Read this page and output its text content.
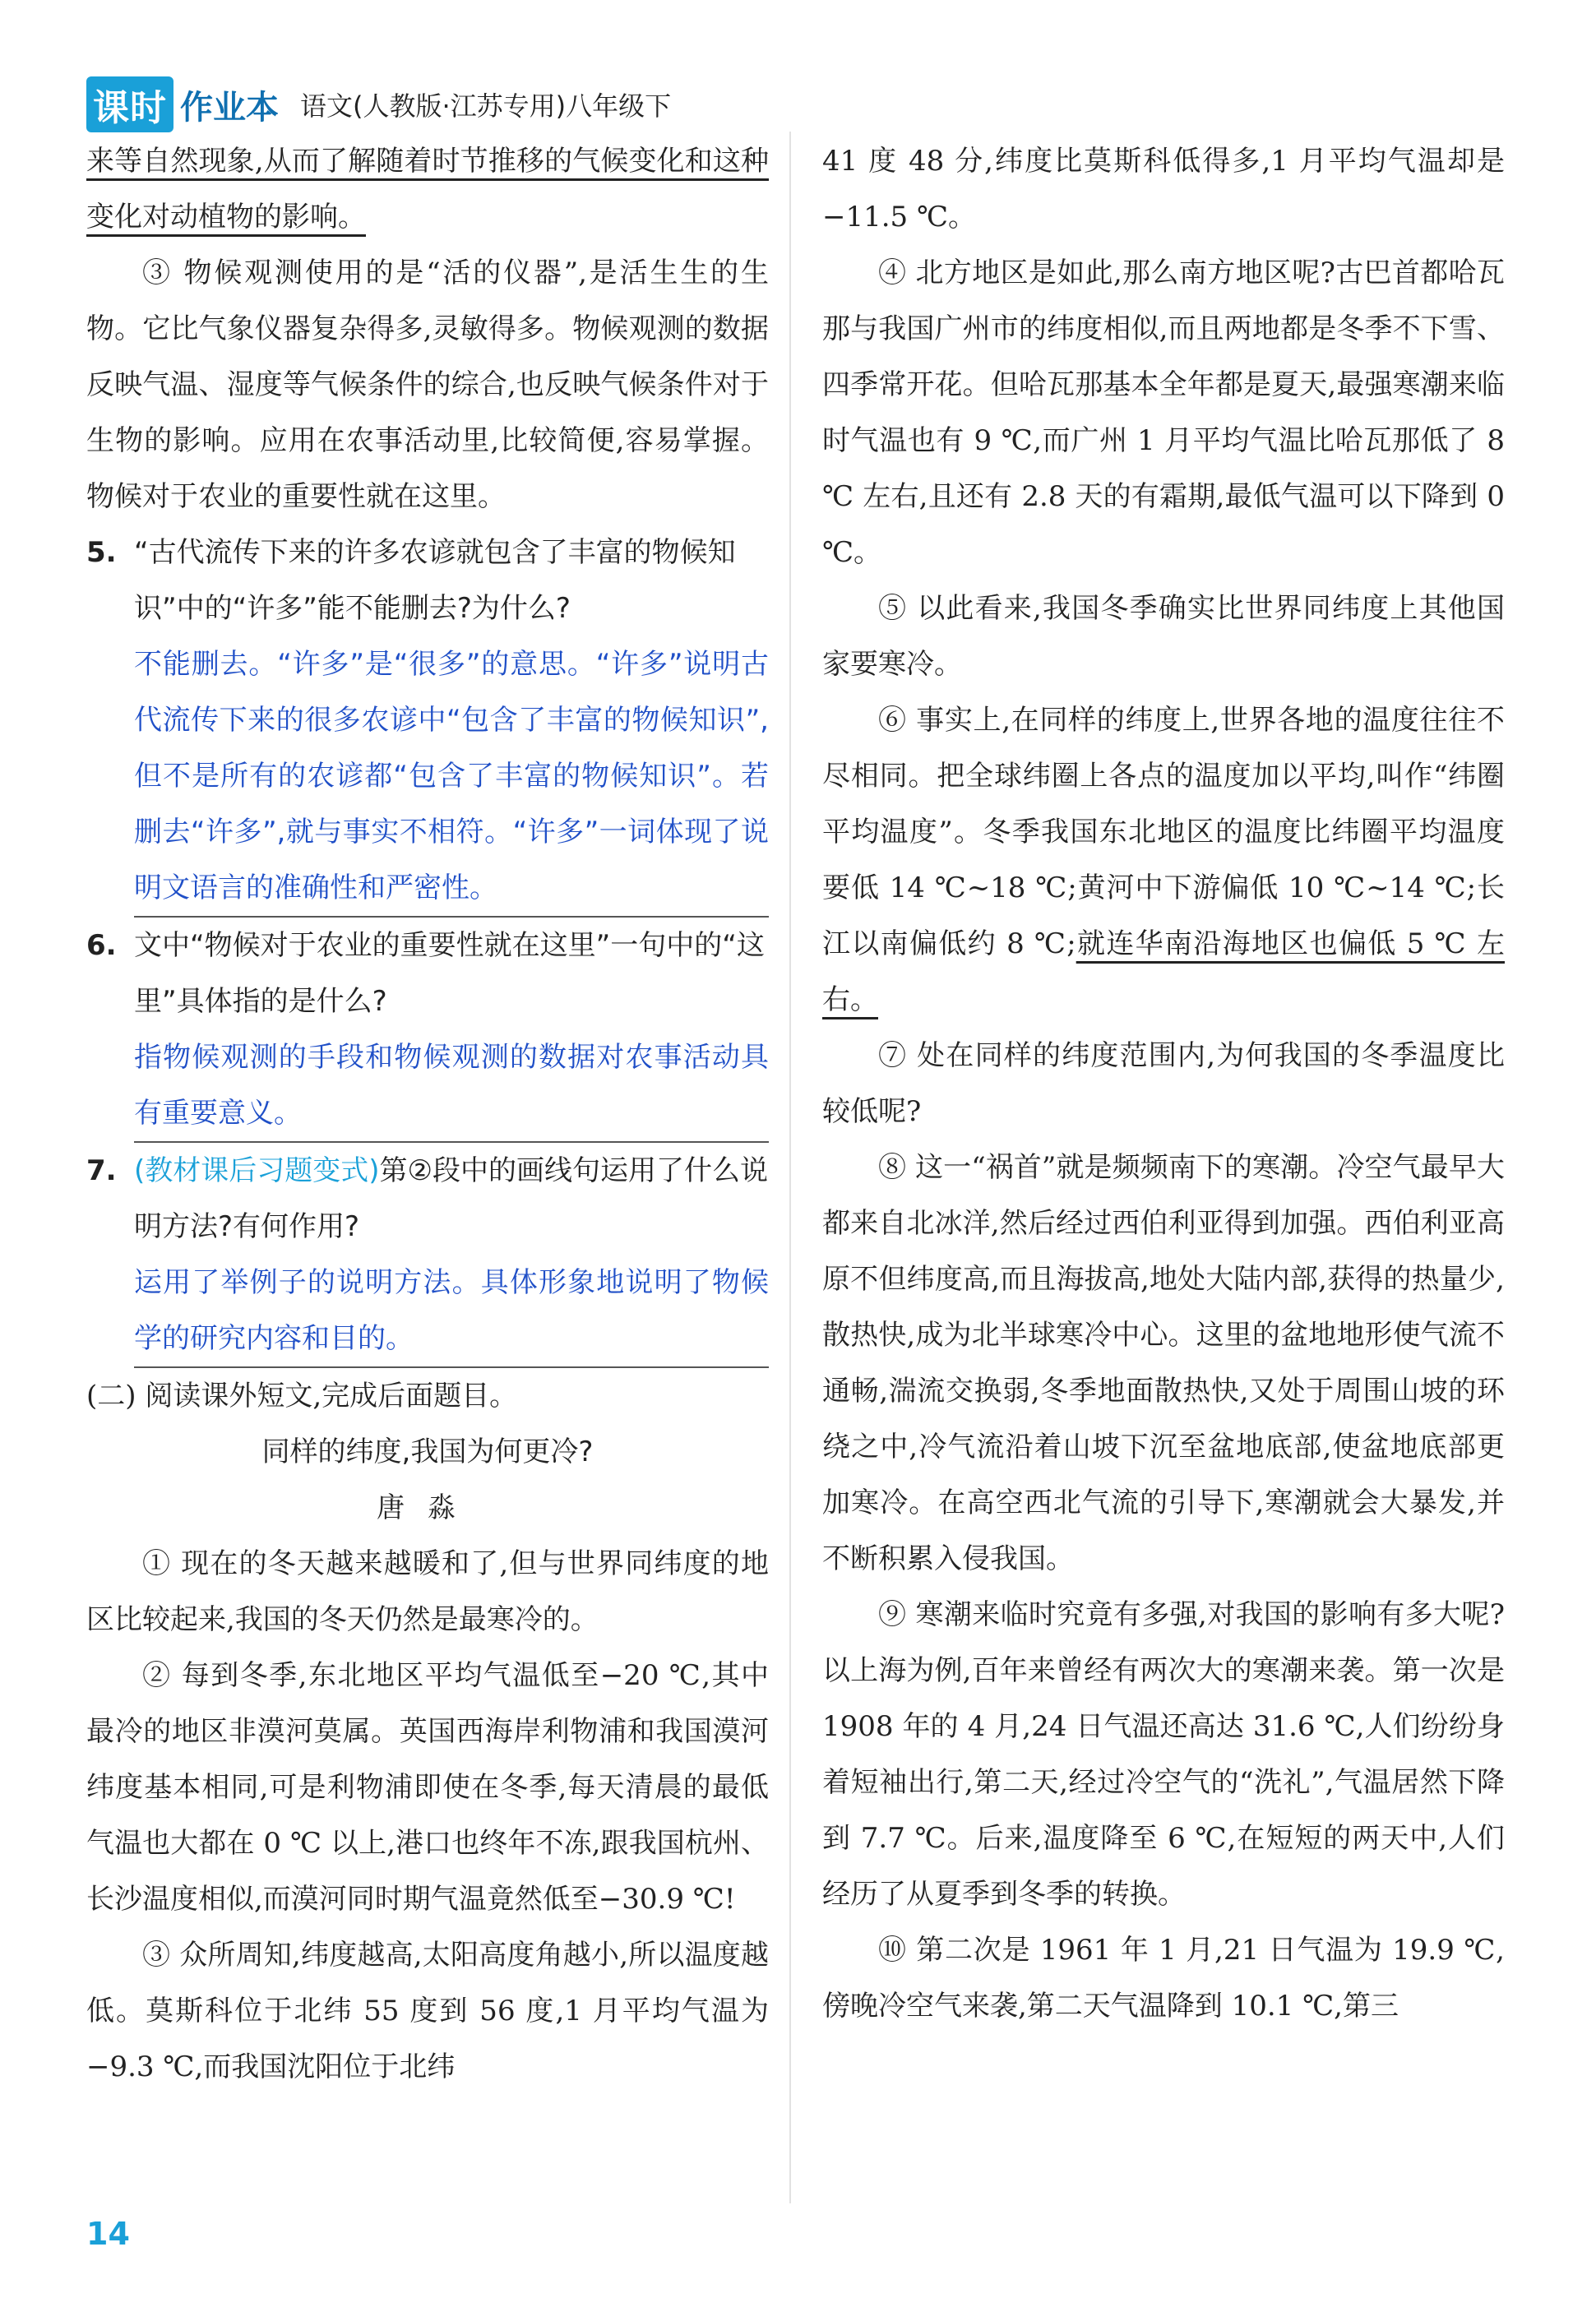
课时 作业本 语文(人教版·江苏专用)八年级下

来等自然现象,从而了解随着时节推移的气候变化和这种变化对动植物的影响。

③ 物候观测使用的是“活的仪器”,是活生生的生物。它比气象仪器复杂得多,灵敏得多。物候观测的数据反映气温、湿度等气候条件的综合,也反映气候条件对于生物的影响。应用在农事活动里,比较简便,容易掌握。物候对于农业的重要性就在这里。

5. “古代流传下来的许多农谚就包含了丰富的物候知识”中的“许多”能不能删去?为什么?

不能删去。“许多”是“很多”的意思。“许多”说明古代流传下来的很多农谚中“包含了丰富的物候知识”,但不是所有的农谚都“包含了丰富的物候知识”。若删去“许多”,就与事实不相符。“许多”一词体现了说明文语言的准确性和严密性。

6. 文中“物候对于农业的重要性就在这里”一句中的“这里”具体指的是什么?

指物候观测的手段和物候观测的数据对农事活动具有重要意义。

7. (教材课后习题变式)第②段中的画线句运用了什么说明方法?有何作用?

运用了举例子的说明方法。具体形象地说明了物候学的研究内容和目的。

(二) 阅读课外短文,完成后面题目。

同样的纬度,我国为何更冷?

唐淼

① 现在的冬天越来越暖和了,但与世界同纬度的地区比较起来,我国的冬天仍然是最寒冷的。

② 每到冬季,东北地区平均气温低至−20 ℃,其中最冷的地区非漠河莫属。英国西海岸利物浦和我国漠河纬度基本相同,可是利物浦即使在冬季,每天清晨的最低气温也大都在 0 ℃ 以上,港口也终年不冻,跟我国杭州、长沙温度相似,而漠河同时期气温竟然低至−30.9 ℃!

③ 众所周知,纬度越高,太阳高度角越小,所以温度越低。莫斯科位于北纬 55 度到 56 度,1 月平均气温为−9.3 ℃,而我国沈阳位于北纬

41 度 48 分,纬度比莫斯科低得多,1 月平均气温却是−11.5 ℃。

④ 北方地区是如此,那么南方地区呢?古巴首都哈瓦那与我国广州市的纬度相似,而且两地都是冬季不下雪、四季常开花。但哈瓦那基本全年都是夏天,最强寒潮来临时气温也有 9 ℃,而广州 1 月平均气温比哈瓦那低了 8 ℃ 左右,且还有 2.8 天的有霜期,最低气温可以下降到 0 ℃。

⑤ 以此看来,我国冬季确实比世界同纬度上其他国家要寒冷。

⑥ 事实上,在同样的纬度上,世界各地的温度往往不尽相同。把全球纬圈上各点的温度加以平均,叫作“纬圈平均温度”。冬季我国东北地区的温度比纬圈平均温度要低 14 ℃~18 ℃;黄河中下游偏低 10 ℃~14 ℃;长江以南偏低约 8 ℃;就连华南沿海地区也偏低 5 ℃ 左右。

⑦ 处在同样的纬度范围内,为何我国的冬季温度比较低呢?

⑧ 这一“祸首”就是频频南下的寒潮。冷空气最早大都来自北冰洋,然后经过西伯利亚得到加强。西伯利亚高原不但纬度高,而且海拔高,地处大陆内部,获得的热量少,散热快,成为北半球寒冷中心。这里的盆地地形使气流不通畅,湍流交换弱,冬季地面散热快,又处于周围山坡的环绕之中,冷气流沿着山坡下沉至盆地底部,使盆地底部更加寒冷。在高空西北气流的引导下,寒潮就会大暴发,并不断积累入侵我国。

⑨ 寒潮来临时究竟有多强,对我国的影响有多大呢?以上海为例,百年来曾经有两次大的寒潮来袭。第一次是 1908 年的 4 月,24 日气温还高达 31.6 ℃,人们纷纷身着短袖出行,第二天,经过冷空气的“洗礼”,气温居然下降到 7.7 ℃。后来,温度降至 6 ℃,在短短的两天中,人们经历了从夏季到冬季的转换。

⑩ 第二次是 1961 年 1 月,21 日气温为 19.9 ℃,傍晚冷空气来袭,第二天气温降到 10.1 ℃,第三

14
